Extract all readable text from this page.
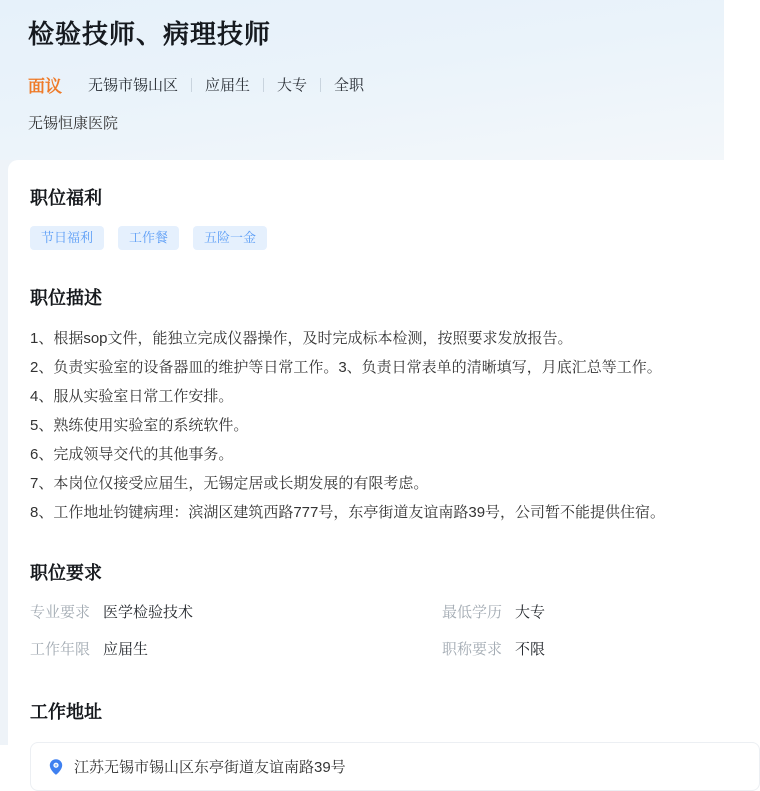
检验技师、病理技师
面议 无锡市锡山区 应届生 大专 全职
无锡恒康医院
职位福利
节日福利	工作餐	五险一金
职位描述
1、根据sop文件，能独立完成仪器操作，及时完成标本检测，按照要求发放报告。
2、负责实验室的设备器皿的维护等日常工作。3、负责日常表单的清晰填写，月底汇总等工作。
4、服从实验室日常工作安排。
5、熟练使用实验室的系统软件。
6、完成领导交代的其他事务。
7、本岗位仅接受应届生，无锡定居或长期发展的有限考虑。
8、工作地址钧键病理：滨湖区建筑西路777号，东亭街道友谊南路39号，公司暂不能提供住宿。
职位要求
专业要求 医学检验技术	最低学历 大专
工作年限 应届生	职称要求 不限
工作地址
江苏无锡市锡山区东亭街道友谊南路39号
